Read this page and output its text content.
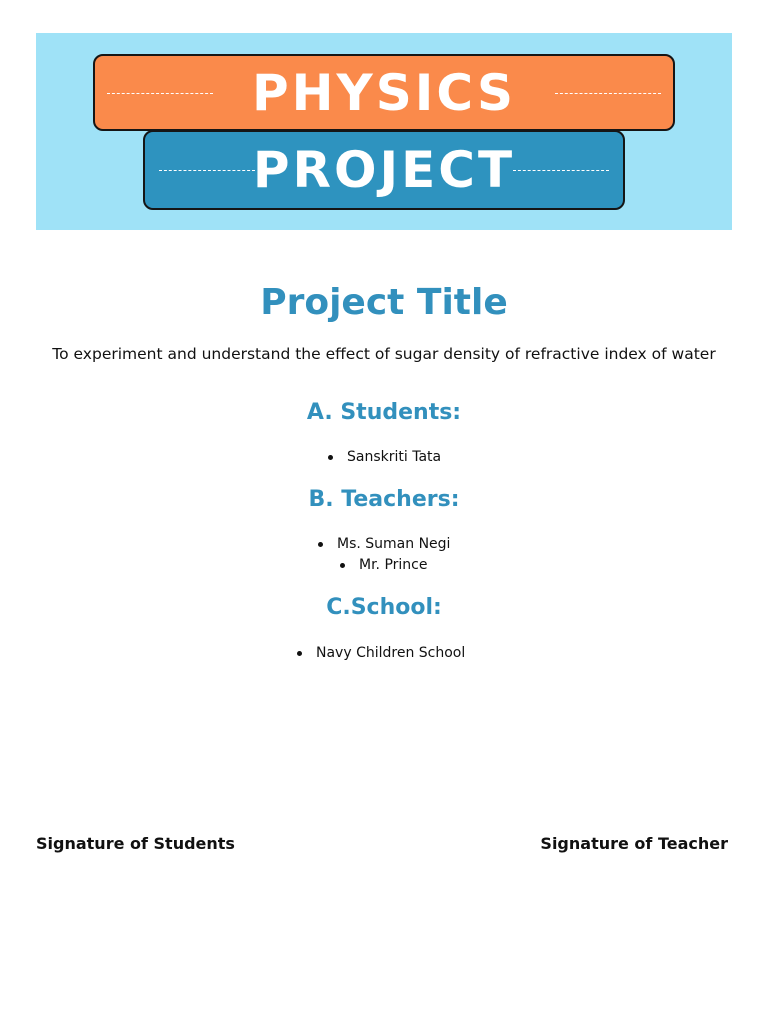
PHYSICS
PROJECT
Project Title
To experiment and understand the effect of sugar density of refractive index of water
A. Students:
Sanskriti Tata
B. Teachers:
Ms. Suman Negi
Mr. Prince
C.School:
Navy Children School
Signature of Students	Signature of Teacher
